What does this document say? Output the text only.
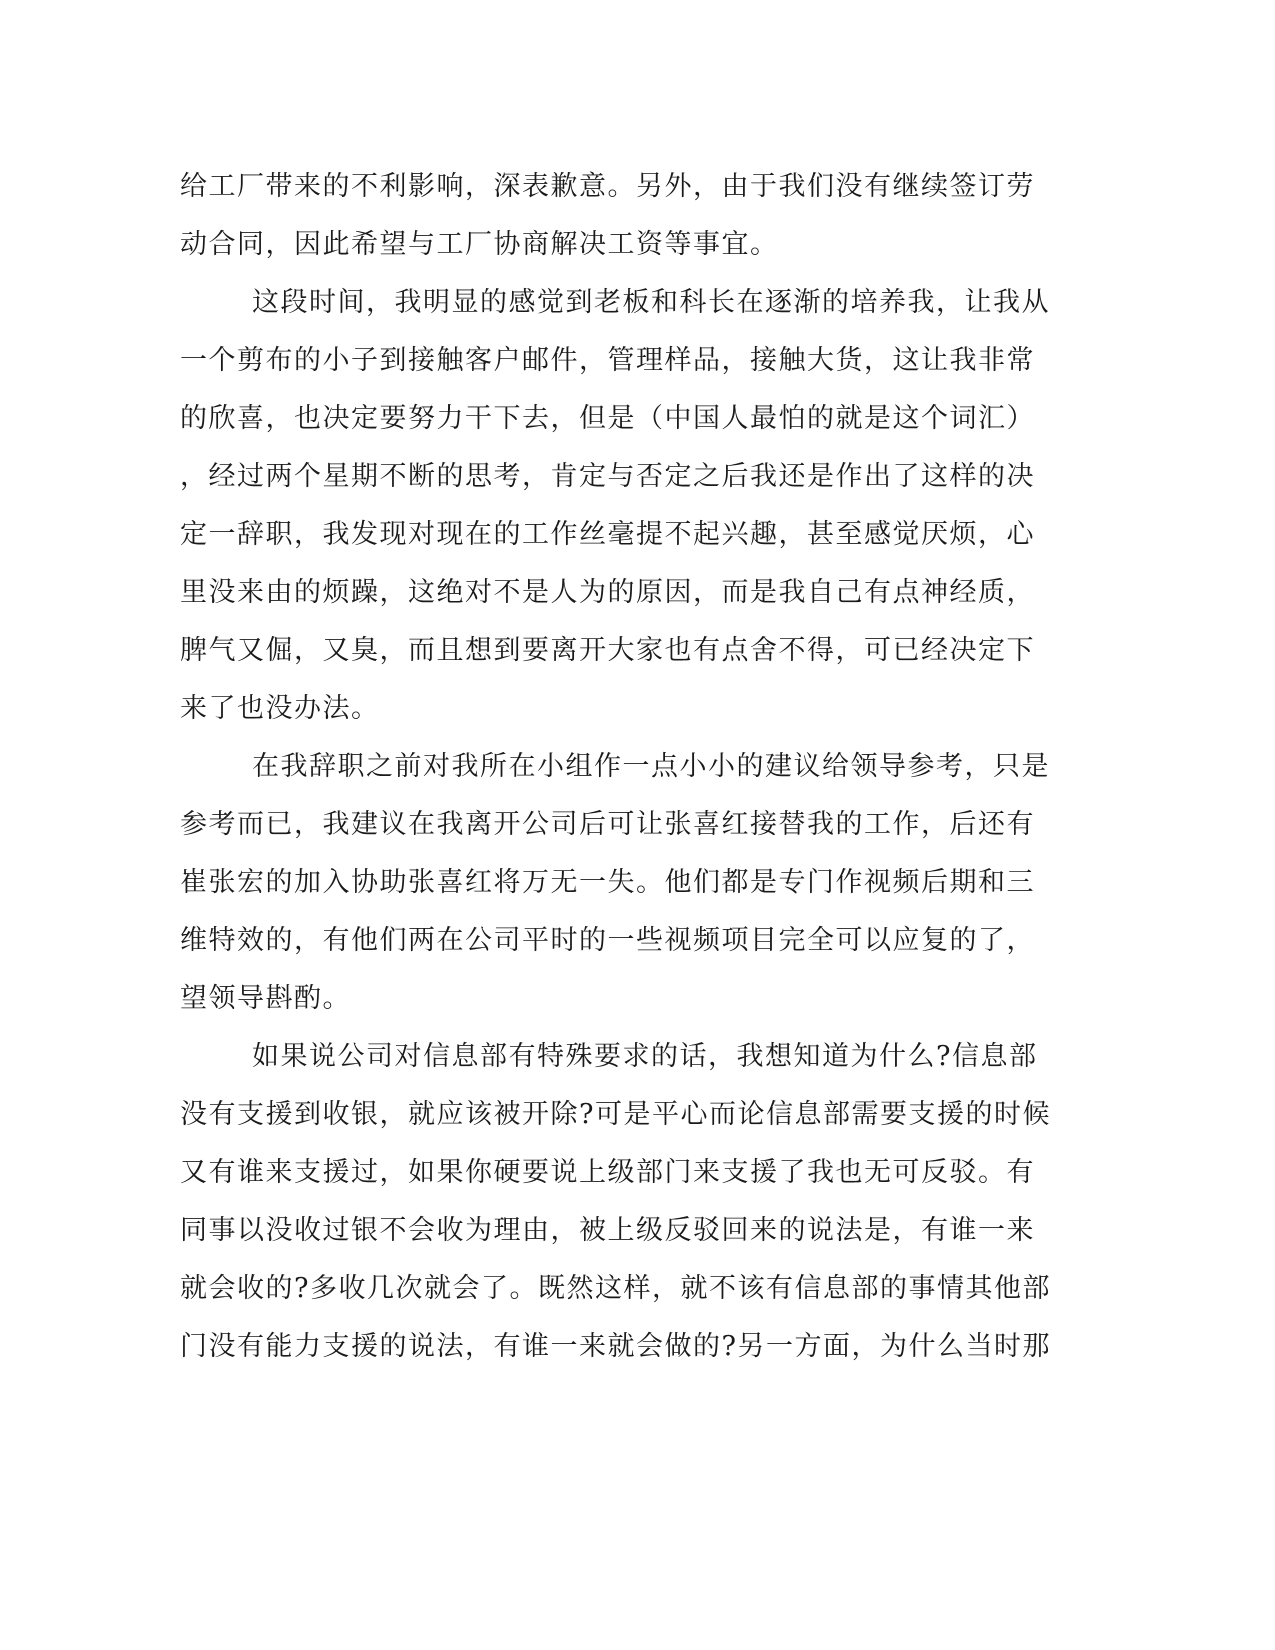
给工厂带来的不利影响，深表歉意。另外，由于我们没有继续签订劳
动合同，因此希望与工厂协商解决工资等事宜。
这段时间，我明显的感觉到老板和科长在逐渐的培养我，让我从
一个剪布的小子到接触客户邮件，管理样品，接触大货，这让我非常
的欣喜，也决定要努力干下去，但是（中国人最怕的就是这个词汇）
，经过两个星期不断的思考，肯定与否定之后我还是作出了这样的决
定一辞职，我发现对现在的工作丝毫提不起兴趣，甚至感觉厌烦，心
里没来由的烦躁，这绝对不是人为的原因，而是我自己有点神经质，
脾气又倔，又臭，而且想到要离开大家也有点舍不得，可已经决定下
来了也没办法。
在我辞职之前对我所在小组作一点小小的建议给领导参考，只是
参考而已，我建议在我离开公司后可让张喜红接替我的工作，后还有
崔张宏的加入协助张喜红将万无一失。他们都是专门作视频后期和三
维特效的，有他们两在公司平时的一些视频项目完全可以应复的了，
望领导斟酌。
如果说公司对信息部有特殊要求的话，我想知道为什么?信息部
没有支援到收银，就应该被开除?可是平心而论信息部需要支援的时候
又有谁来支援过，如果你硬要说上级部门来支援了我也无可反驳。有
同事以没收过银不会收为理由，被上级反驳回来的说法是，有谁一来
就会收的?多收几次就会了。既然这样，就不该有信息部的事情其他部
门没有能力支援的说法，有谁一来就会做的?另一方面，为什么当时那
